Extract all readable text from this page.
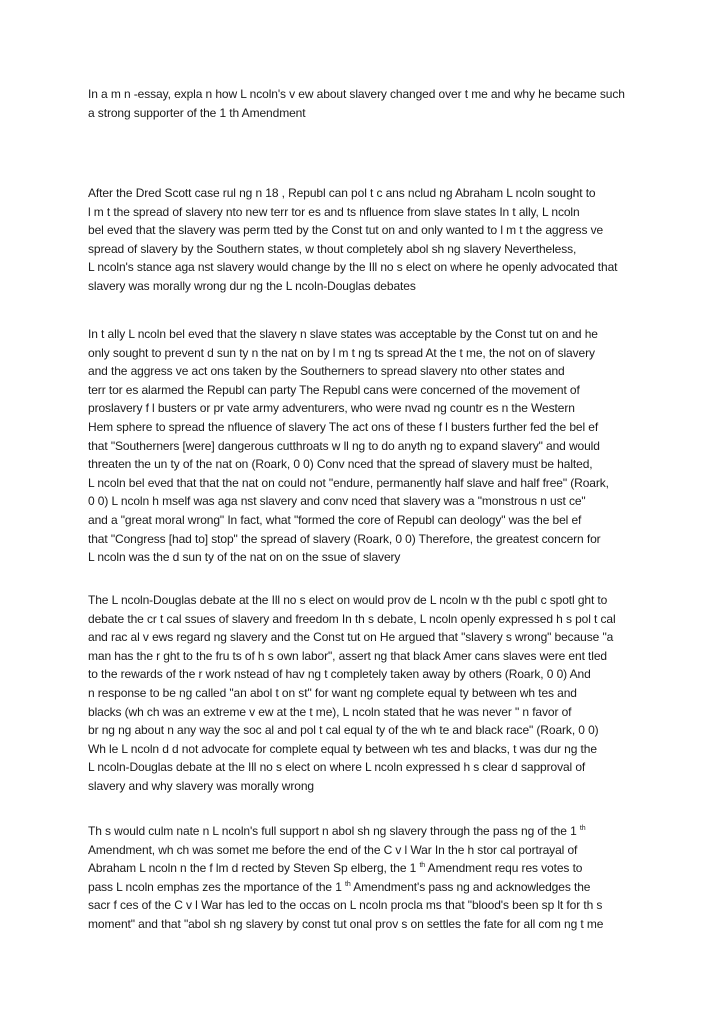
In a m n -essay, expla n how L ncoln's v ew about slavery changed over t me and why he became such
a strong supporter of the 1 th Amendment
After the Dred Scott case rul ng n 18 , Republ can pol t c ans nclud ng Abraham L ncoln sought to
l m t the spread of slavery nto new terr tor es and ts nfluence from slave states In t ally, L ncoln
bel eved that the slavery was perm tted by the Const tut on and only wanted to l m t the aggress ve
spread of slavery by the Southern states, w thout completely abol sh ng slavery Nevertheless,
L ncoln's stance aga nst slavery would change by the Ill no s elect on where he openly advocated that
slavery was morally wrong dur ng the L ncoln-Douglas debates
In t ally L ncoln bel eved that the slavery n slave states was acceptable by the Const tut on and he
only sought to prevent d sun ty n the nat on by l m t ng ts spread At the t me, the not on of slavery
and the aggress ve act ons taken by the Southerners to spread slavery nto other states and
terr tor es alarmed the Republ can party The Republ cans were concerned of the movement of
proslavery f l busters or pr vate army adventurers, who were nvad ng countr es n the Western
Hem sphere to spread the nfluence of slavery The act ons of these f l busters further fed the bel ef
that "Southerners [were] dangerous cutthroats w ll ng to do anyth ng to expand slavery" and would
threaten the un ty of the nat on (Roark, 0 0) Conv nced that the spread of slavery must be halted,
L ncoln bel eved that that the nat on could not "endure, permanently half slave and half free" (Roark,
0 0) L ncoln h mself was aga nst slavery and conv nced that slavery was a "monstrous n ust ce"
and a "great moral wrong" In fact, what "formed the core of Republ can deology" was the bel ef
that "Congress [had to] stop" the spread of slavery (Roark, 0 0) Therefore, the greatest concern for
L ncoln was the d sun ty of the nat on on the ssue of slavery
The L ncoln-Douglas debate at the Ill no s elect on would prov de L ncoln w th the publ c spotl ght to
debate the cr t cal ssues of slavery and freedom In th s debate, L ncoln openly expressed h s pol t cal
and rac al v ews regard ng slavery and the Const tut on He argued that "slavery s wrong" because "a
man has the r ght to the fru ts of h s own labor", assert ng that black Amer cans slaves were ent tled
to the rewards of the r work nstead of hav ng t completely taken away by others (Roark, 0 0) And
n response to be ng called "an abol t on st" for want ng complete equal ty between wh tes and
blacks (wh ch was an extreme v ew at the t me), L ncoln stated that he was never " n favor of
br ng ng about n any way the soc al and pol t cal equal ty of the wh te and black race" (Roark, 0 0)
Wh le L ncoln d d not advocate for complete equal ty between wh tes and blacks, t was dur ng the
L ncoln-Douglas debate at the Ill no s elect on where L ncoln expressed h s clear d sapproval of
slavery and why slavery was morally wrong
Th s would culm nate n L ncoln's full support n abol sh ng slavery through the pass ng of the 1 $^{th}$
Amendment, wh ch was somet me before the end of the C v l War In the h stor cal portrayal of
Abraham L ncoln n the f lm d rected by Steven Sp elberg, the 1 $^{th}$ Amendment requ res votes to
pass L ncoln emphas zes the mportance of the 1 $^{th}$ Amendment's pass ng and acknowledges the
sacr f ces of the C v l War has led to the occas on L ncoln procla ms that "blood's been sp lt for th s
moment" and that "abol sh ng slavery by const tut onal prov s on settles the fate for all com ng t me
